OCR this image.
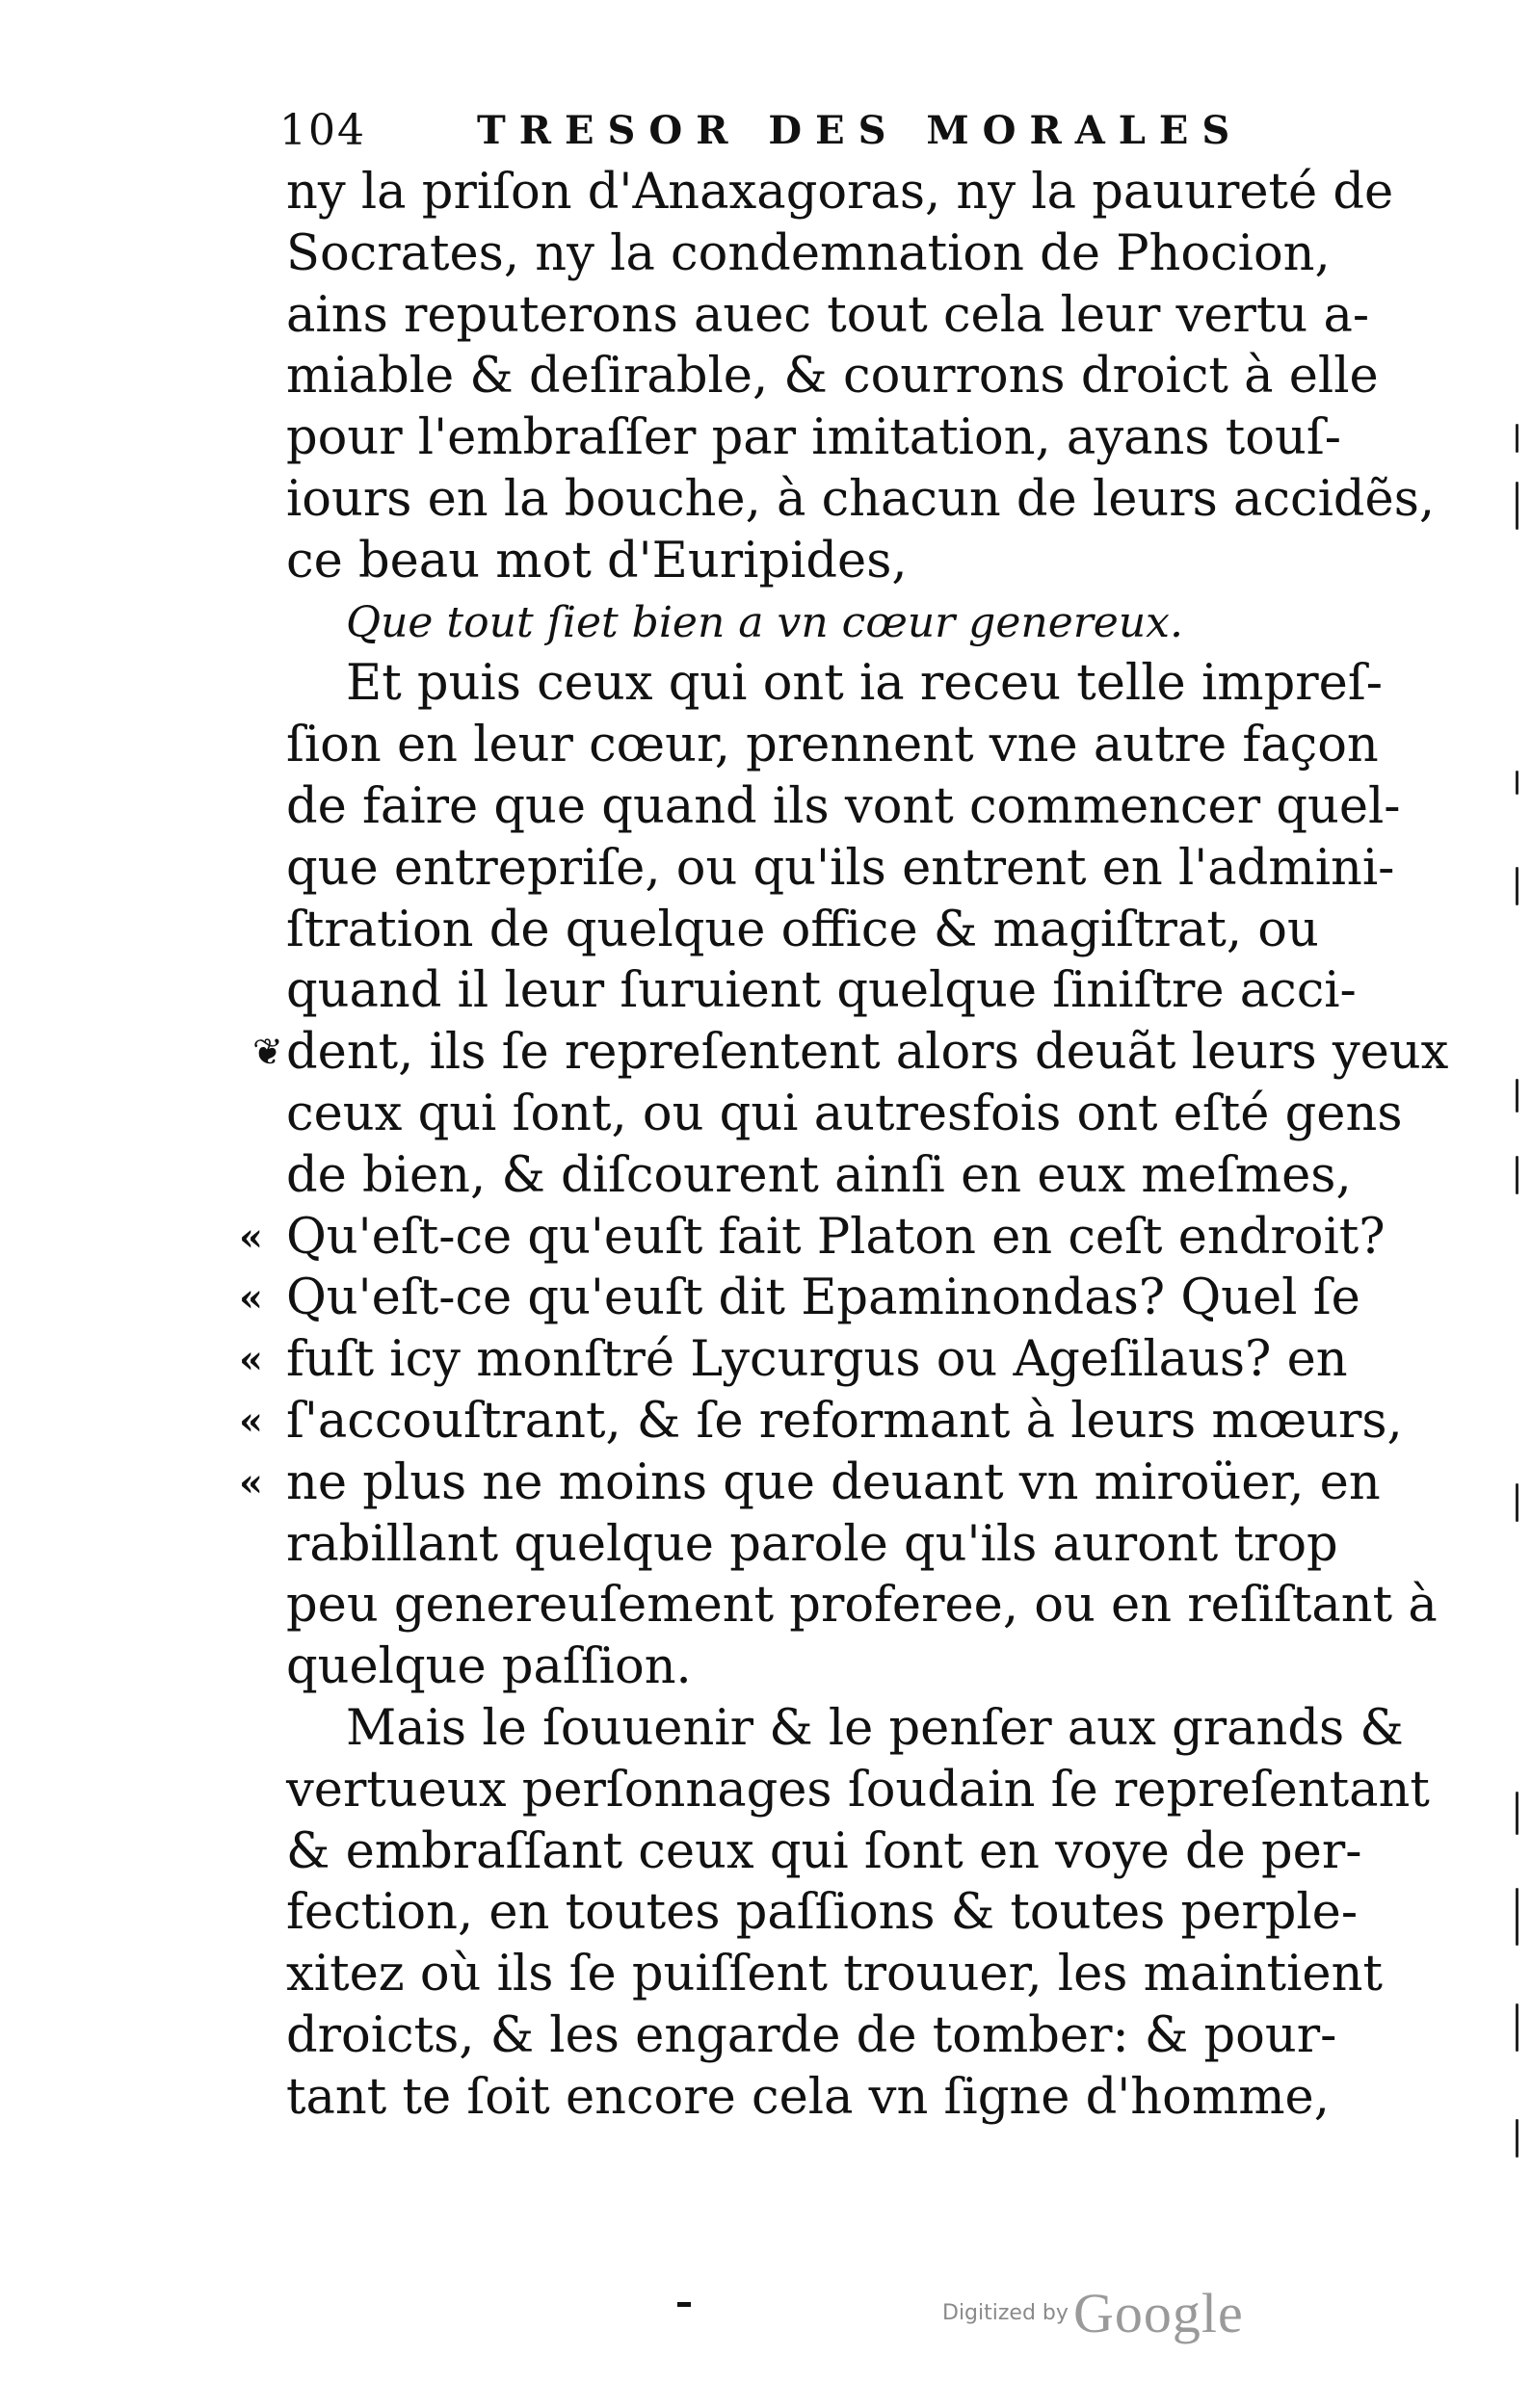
104	TRESOR DES MORALES
ny la priſon d'Anaxagoras, ny la pauureté de
Socrates, ny la condemnation de Phocion,
ains reputerons auec tout cela leur vertu a-
miable & deſirable, & courrons droict à elle
pour l'embraſſer par imitation, ayans touſ-
iours en la bouche, à chacun de leurs accidẽs,
ce beau mot d'Euripides,
Que tout ſiet bien a vn cœur genereux.
Et puis ceux qui ont ia receu telle impreſ-
ſion en leur cœur, prennent vne autre façon
de faire que quand ils vont commencer quel-
que entrepriſe, ou qu'ils entrent en l'admini-
ſtration de quelque office & magiſtrat, ou
quand il leur ſuruient quelque ſiniſtre acci-
dent, ils ſe repreſentent alors deuãt leurs yeux
ceux qui ſont, ou qui autresfois ont eſté gens
de bien, & diſcourent ainſi en eux meſmes,
Qu'eſt-ce qu'euſt fait Platon en ceſt endroit?
Qu'eſt-ce qu'euſt dit Epaminondas? Quel ſe
fuſt icy monſtré Lycurgus ou Ageſilaus? en
ſ'accouſtrant, & ſe reformant à leurs mœurs,
ne plus ne moins que deuant vn miroüer, en
rabillant quelque parole qu'ils auront trop
peu genereuſement proferee, ou en reſiſtant à
quelque paſſion.
Mais le ſouuenir & le penſer aux grands &
vertueux perſonnages ſoudain ſe repreſentant
& embraſſant ceux qui ſont en voye de per-
fection, en toutes paſſions & toutes perple-
xitez où ils ſe puiſſent trouuer, les maintient
droicts, & les engarde de tomber: & pour-
tant te ſoit encore cela vn ſigne d'homme,
❦
«
«
«
«
«
Digitized by Google
